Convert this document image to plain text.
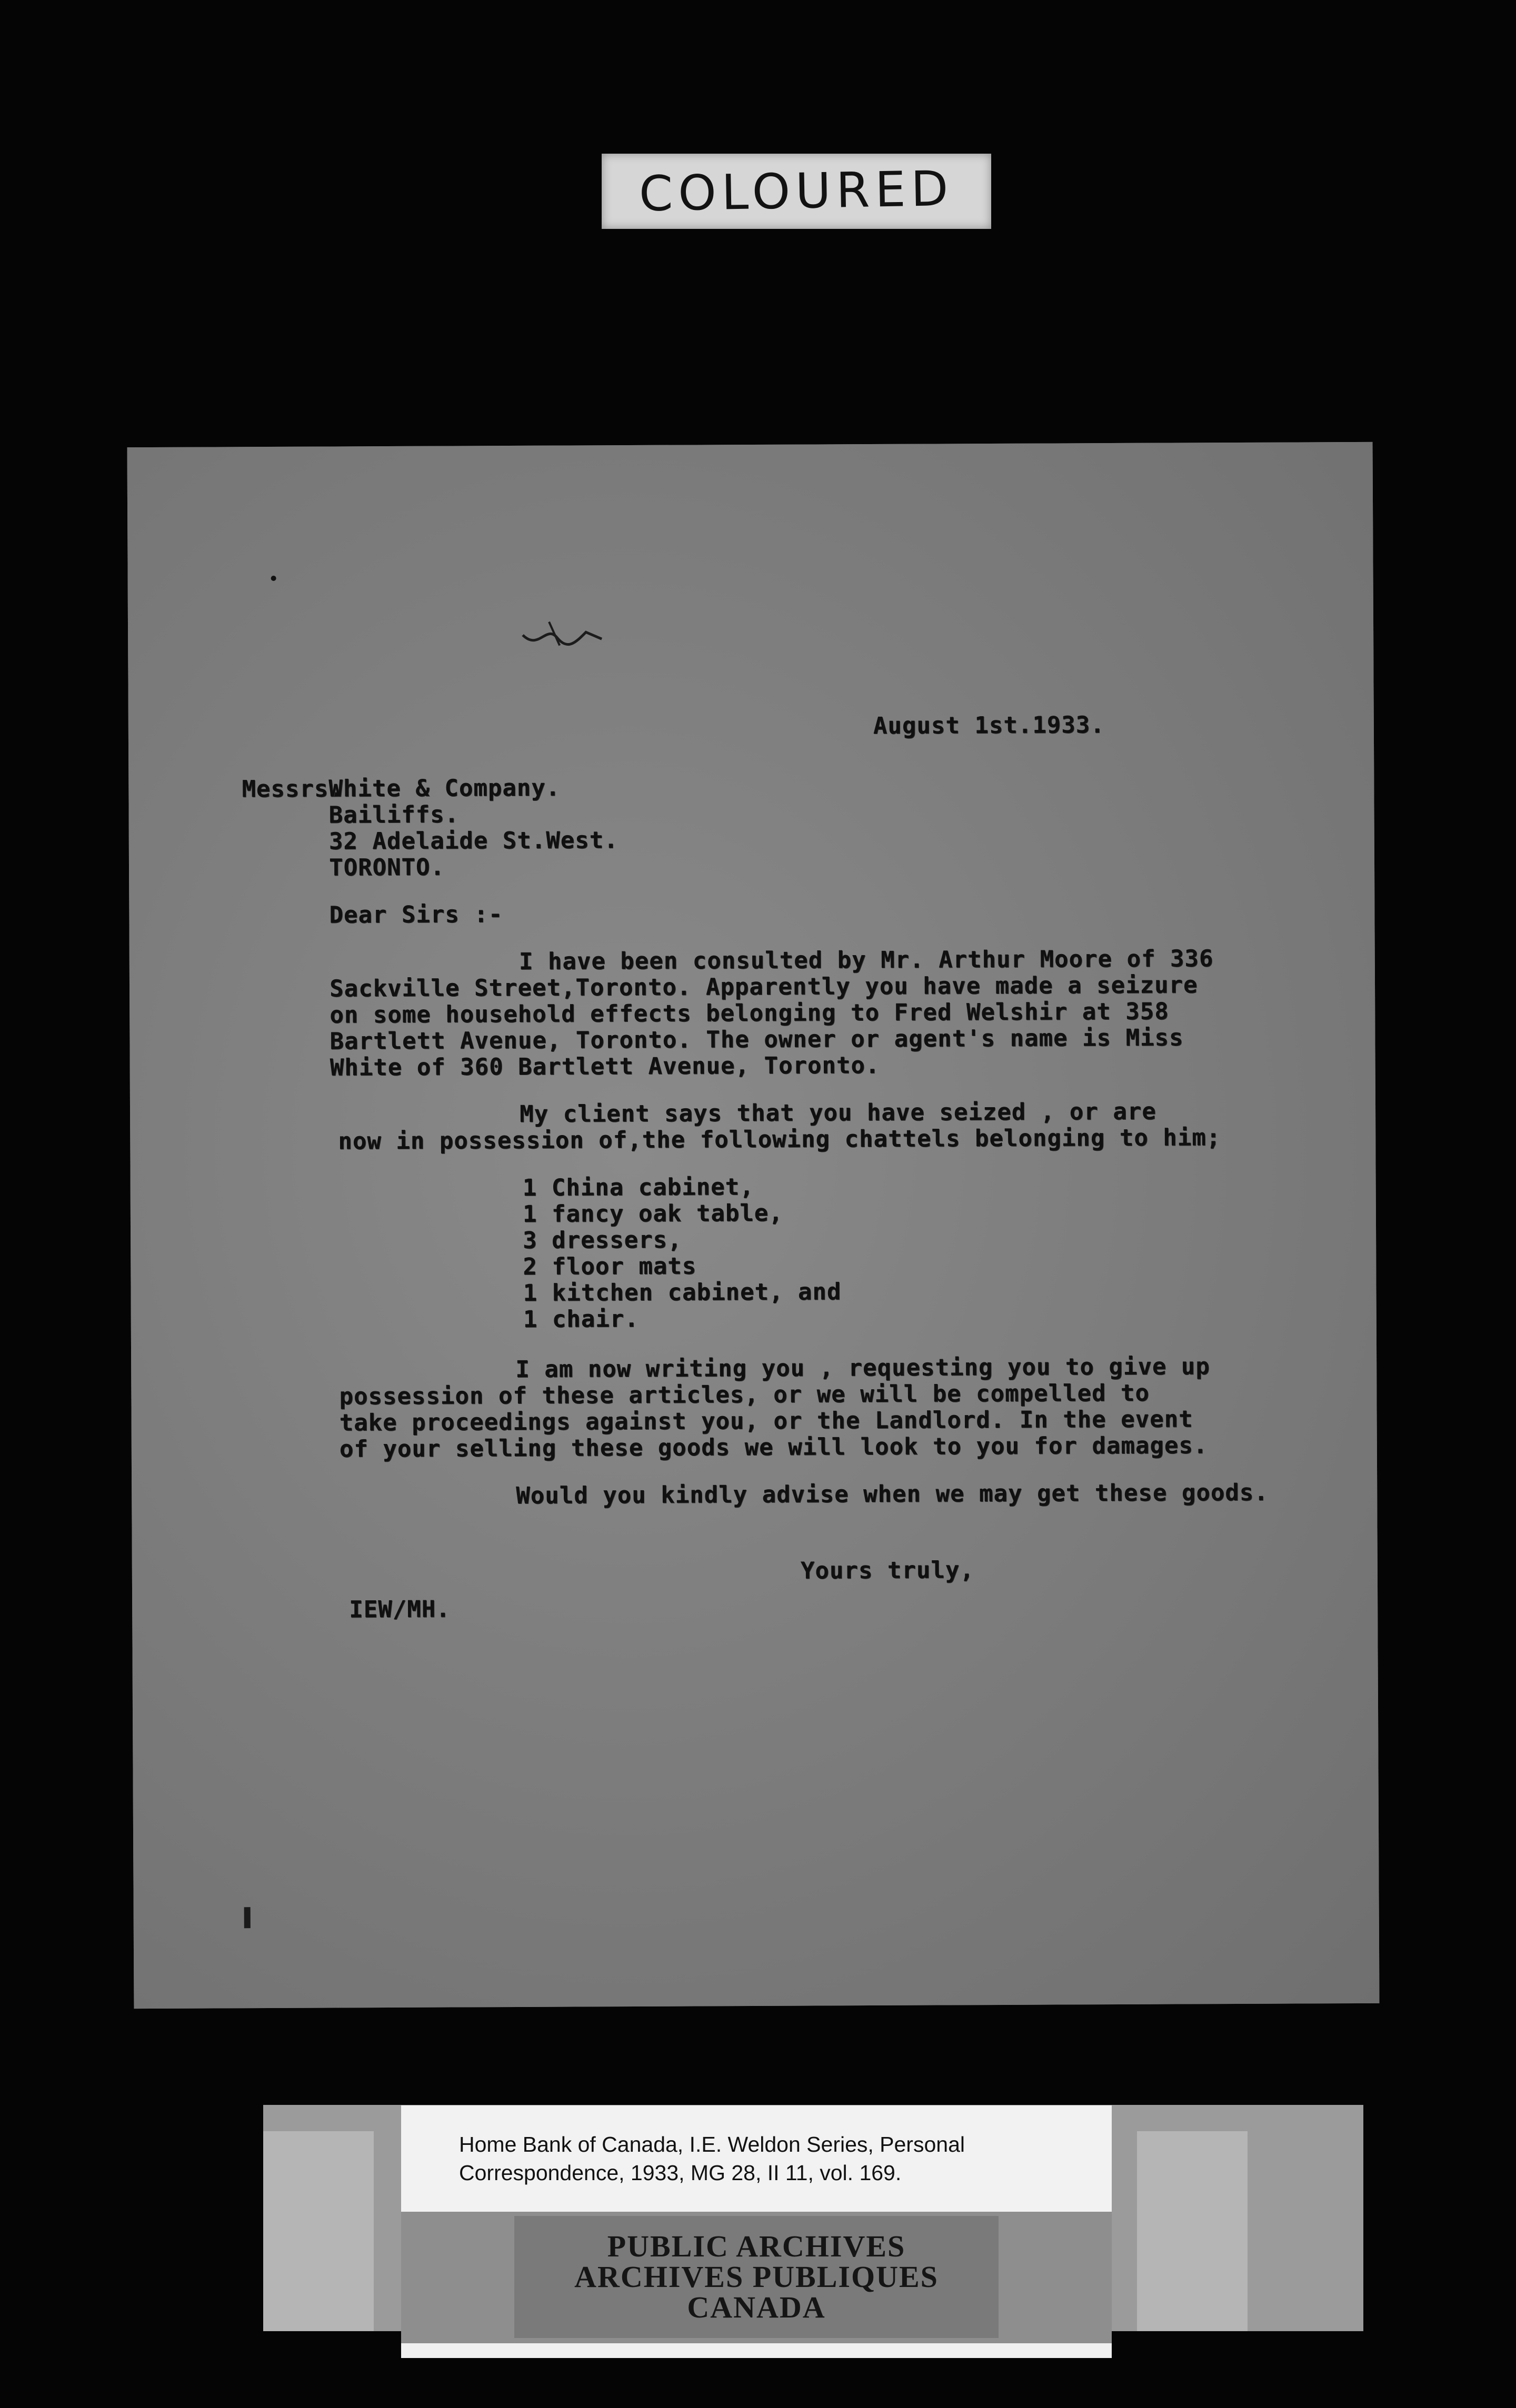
COLOURED
August 1st.1933.
Messrs.
White & Company.
Bailiffs.
32 Adelaide St.West.
TORONTO.
Dear Sirs :-
I have been consulted by Mr. Arthur Moore of 336
Sackville Street,Toronto. Apparently you have made a seizure
on some household effects belonging to Fred Welshir at 358
Bartlett Avenue, Toronto. The owner or agent's name is Miss
White of 360 Bartlett Avenue, Toronto.
My client says that you have seized , or are
now in possession of,the following chattels belonging to him;
1 China cabinet,
1 fancy oak table,
3 dressers,
2 floor mats
1 kitchen cabinet, and
1 chair.
I am now writing you , requesting you to give up
possession of these articles, or we will be compelled to
take proceedings against you, or the Landlord. In the event
of your selling these goods we will look to you for damages.
Would you kindly advise when we may get these goods.
Yours truly,
IEW/MH.
Home Bank of Canada, I.E. Weldon Series, Personal
Correspondence, 1933, MG 28, II 11, vol. 169.
PUBLIC ARCHIVES
ARCHIVES PUBLIQUES
CANADA
